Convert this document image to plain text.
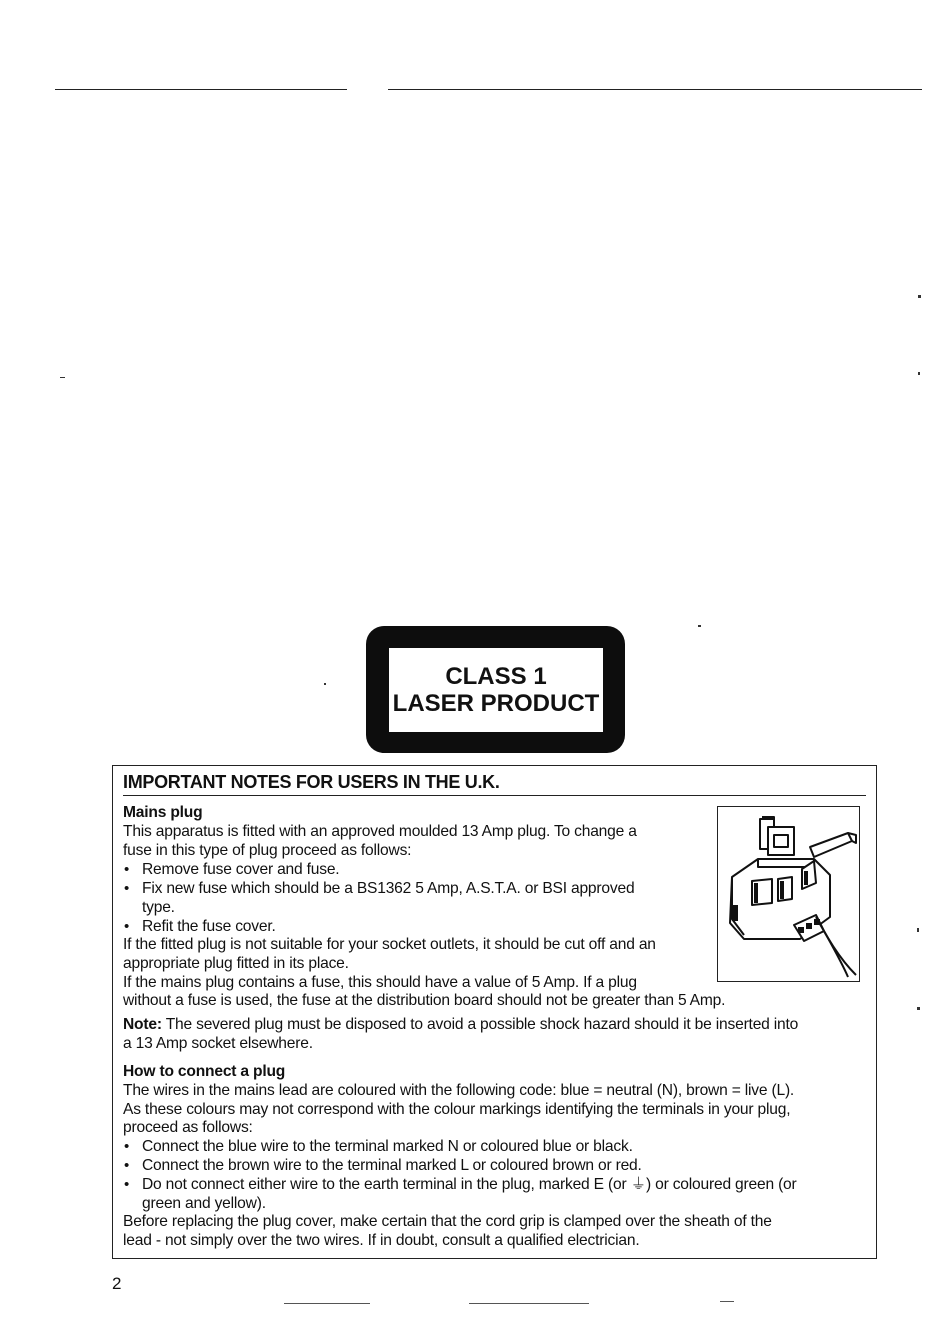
CLASS 1
LASER PRODUCT
IMPORTANT NOTES FOR USERS IN THE U.K.
Mains plug
This apparatus is fitted with an approved moulded 13 Amp plug. To change a
fuse in this type of plug proceed as follows:
• Remove fuse cover and fuse.
• Fix new fuse which should be a BS1362 5 Amp, A.S.T.A. or BSI approved
type.
• Refit the fuse cover.
If the fitted plug is not suitable for your socket outlets, it should be cut off and an
appropriate plug fitted in its place.
If the mains plug contains a fuse, this should have a value of 5 Amp. If a plug
without a fuse is used, the fuse at the distribution board should not be greater than 5 Amp.
Note: The severed plug must be disposed to avoid a possible shock hazard should it be inserted into
a 13 Amp socket elsewhere.
How to connect a plug
The wires in the mains lead are coloured with the following code: blue = neutral (N), brown = live (L).
As these colours may not correspond with the colour markings identifying the terminals in your plug,
proceed as follows:
• Connect the blue wire to the terminal marked N or coloured blue or black.
• Connect the brown wire to the terminal marked L or coloured brown or red.
• Do not connect either wire to the earth terminal in the plug, marked E (or ⏚) or coloured green (or
green and yellow).
Before replacing the plug cover, make certain that the cord grip is clamped over the sheath of the
lead - not simply over the two wires. If in doubt, consult a qualified electrician.
2
